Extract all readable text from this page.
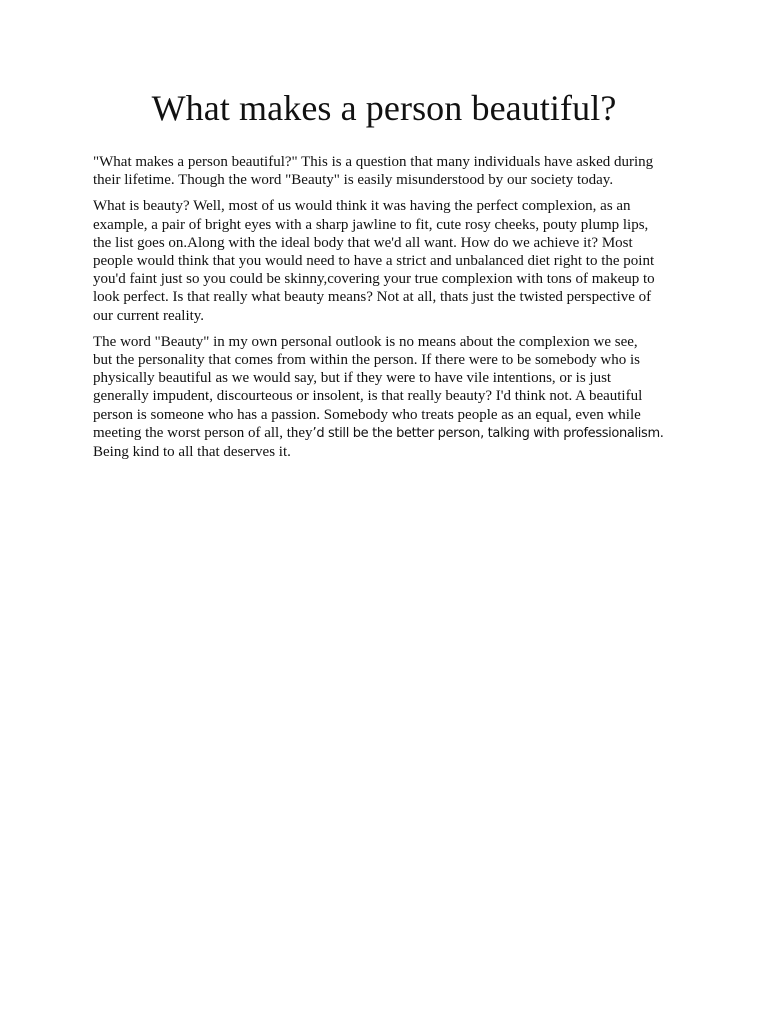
What makes a person beautiful?

"What makes a person beautiful?" This is a question that many individuals have asked during
their lifetime. Though the word "Beauty" is easily misunderstood by our society today.

What is beauty? Well, most of us would think it was having the perfect complexion, as an
example, a pair of bright eyes with a sharp jawline to fit, cute rosy cheeks, pouty plump lips,
the list goes on.Along with the ideal body that we'd all want. How do we achieve it? Most
people would think that you would need to have a strict and unbalanced diet right to the point
you'd faint just so you could be skinny,covering your true complexion with tons of makeup to
look perfect. Is that really what beauty means? Not at all, thats just the twisted perspective of
our current reality.

The word "Beauty" in my own personal outlook is no means about the complexion we see,
but the personality that comes from within the person. If there were to be somebody who is
physically beautiful as we would say, but if they were to have vile intentions, or is just
generally impudent, discourteous or insolent, is that really beauty? I'd think not. A beautiful
person is someone who has a passion. Somebody who treats people as an equal, even while
meeting the worst person of all, they’d still be the better person, talking with professionalism.
Being kind to all that deserves it.
